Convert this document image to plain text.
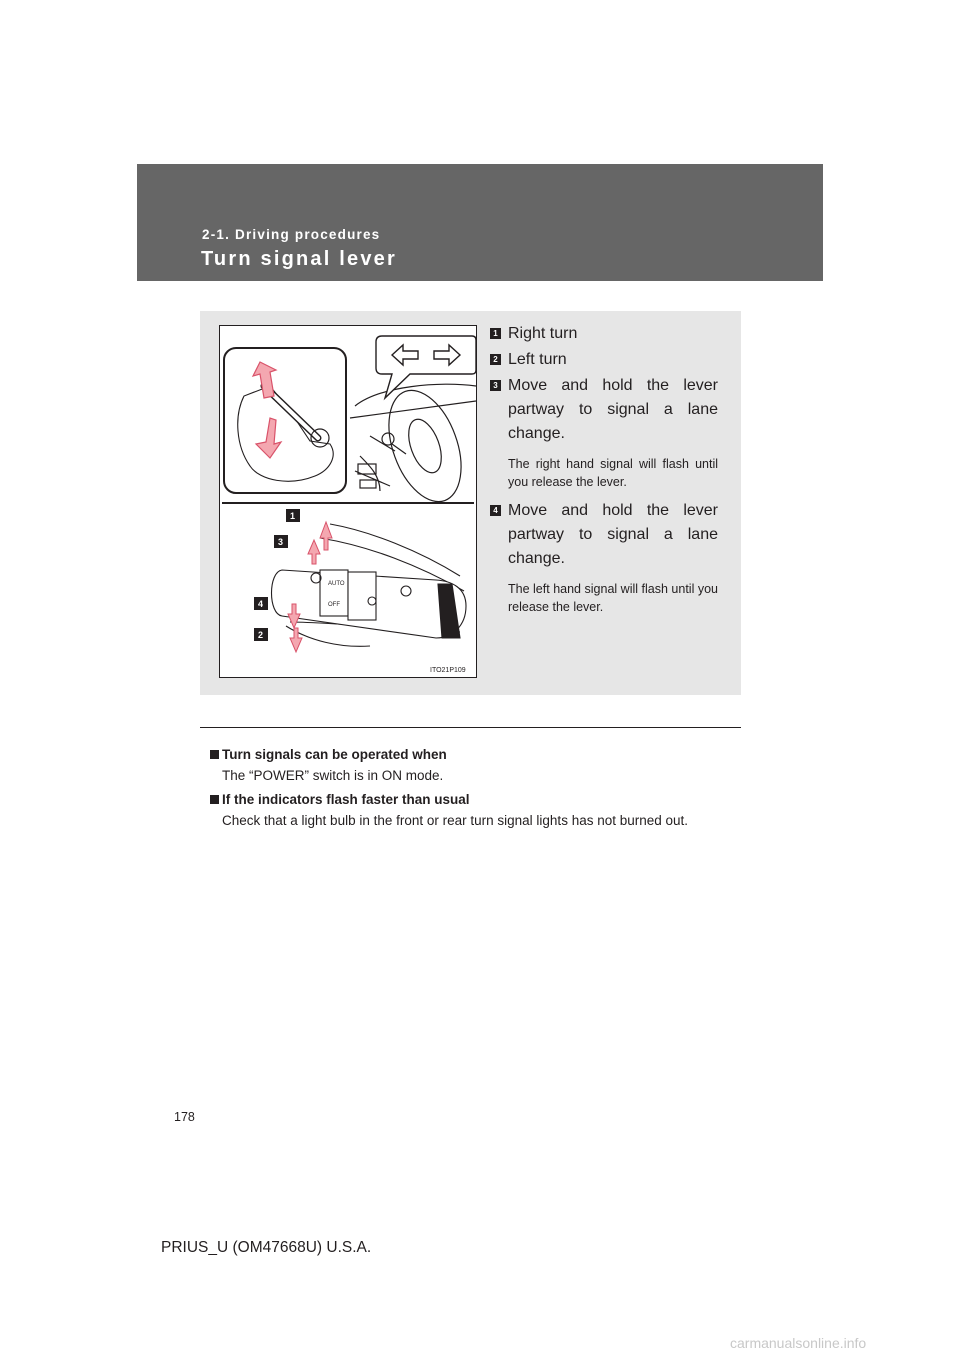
2-1. Driving procedures
Turn signal lever
AUTO
OFF
1
3
4
2
ITO21P109
1 Right turn
2 Left turn
3 Move and hold the lever partway to signal a lane change.
The right hand signal will flash until you release the lever.
4 Move and hold the lever partway to signal a lane change.
The left hand signal will flash until you release the lever.
Turn signals can be operated when
The “POWER” switch is in ON mode.
If the indicators flash faster than usual
Check that a light bulb in the front or rear turn signal lights has not burned out.
178
PRIUS_U (OM47668U) U.S.A.
carmanualsonline.info
